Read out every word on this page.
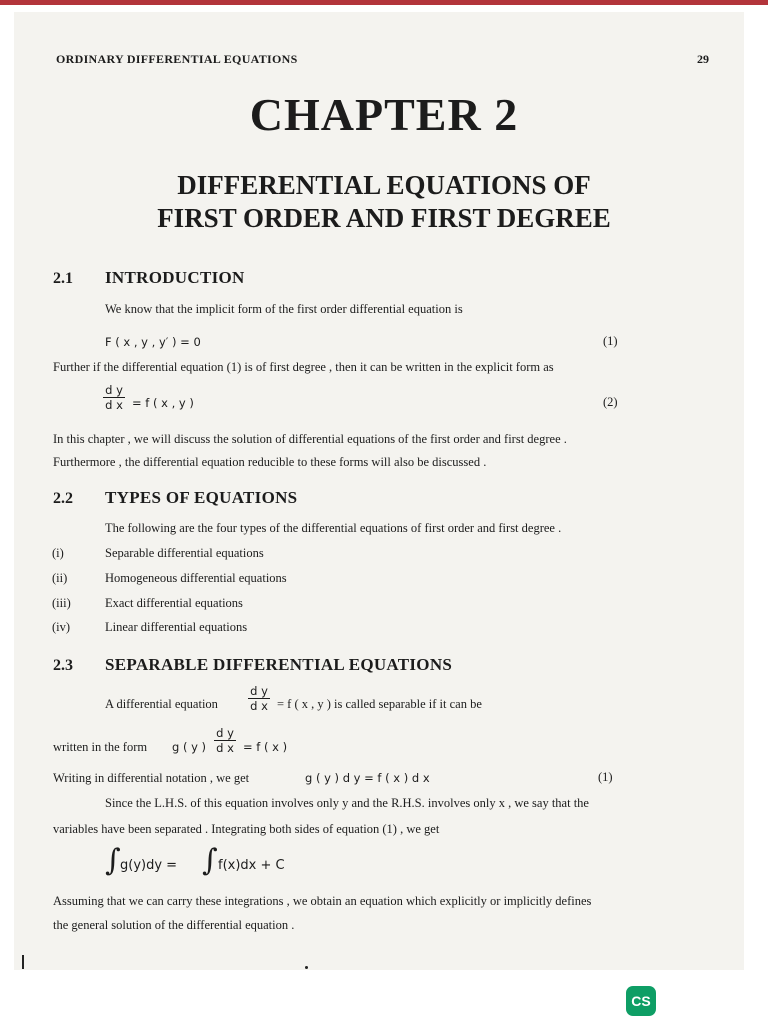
ORDINARY DIFFERENTIAL EQUATIONS	29
CHAPTER 2
DIFFERENTIAL EQUATIONS OF
FIRST ORDER AND FIRST DEGREE
2.1 INTRODUCTION
We know that the implicit form of the first order differential equation is
F ( x , y , y′ ) = 0	(1)
Further if the differential equation (1) is of first degree , then it can be written in the explicit form as
d y
d x = f ( x , y )	(2)
In this chapter , we will discuss the solution of differential equations of the first order and first degree .
Furthermore , the differential equation reducible to these forms will also be discussed .
2.2 TYPES OF EQUATIONS
The following are the four types of the differential equations of first order and first degree .
(i)	Separable differential equations
(ii)	Homogeneous differential equations
(iii)	Exact differential equations
(iv)	Linear differential equations
2.3 SEPARABLE DIFFERENTIAL EQUATIONS
A differential equation
d y
d x = f ( x , y ) is called separable if it can be
written in the form g ( y )
d y
d x = f ( x )
Writing in differential notation , we get	g ( y ) d y = f ( x ) d x	(1)
Since the L.H.S. of this equation involves only y and the R.H.S. involves only x , we say that the
variables have been separated . Integrating both sides of equation (1) , we get
∫ g(y)dy = ∫ f(x)dx + C
Assuming that we can carry these integrations , we obtain an equation which explicitly or implicitly defines
the general solution of the differential equation .
CS
